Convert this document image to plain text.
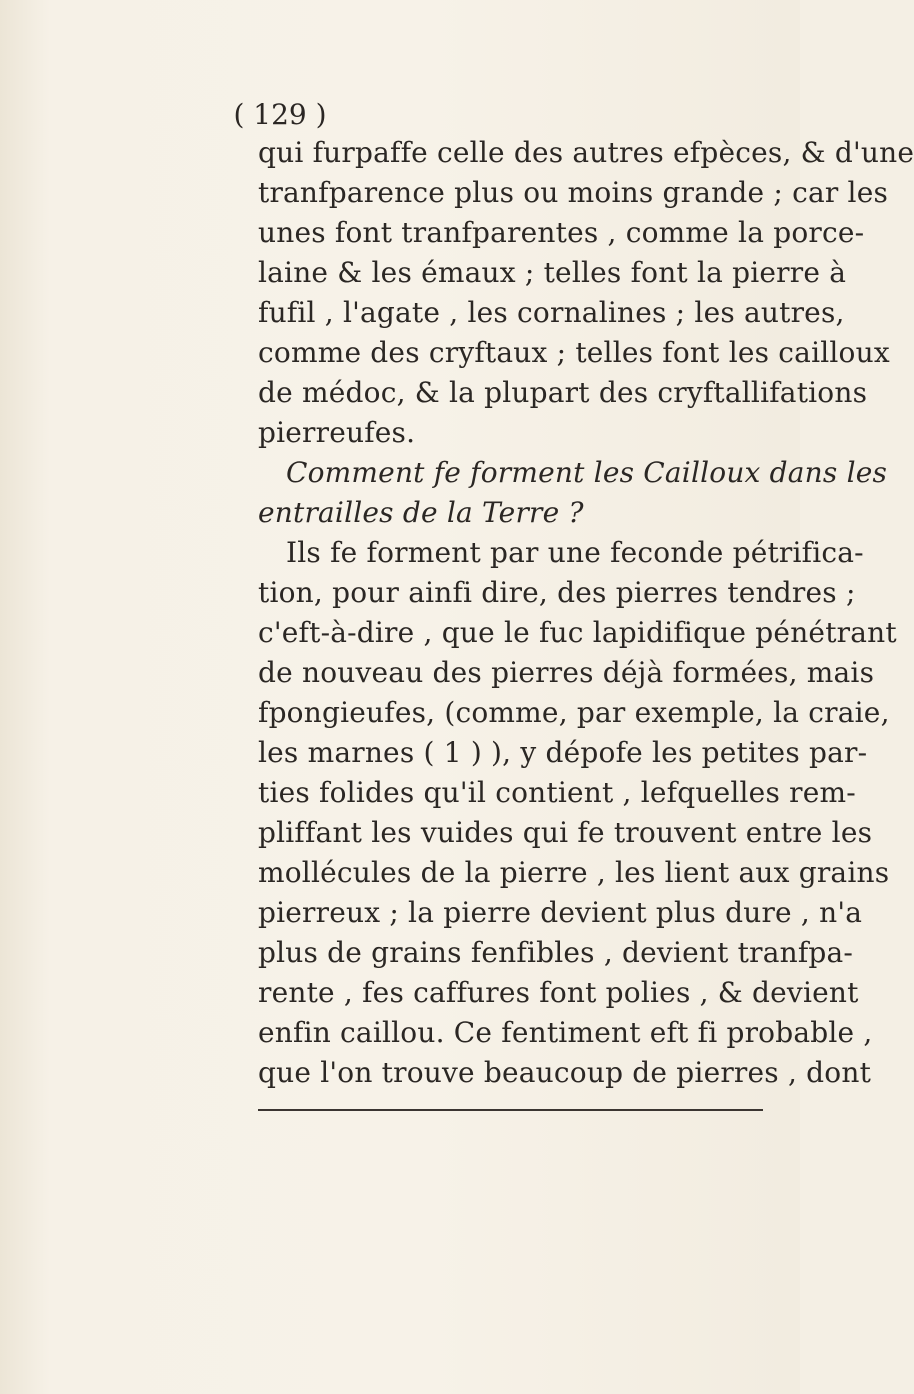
( 129 )
qui furpaffe celle des autres efpèces, & d'une
tranfparence plus ou moins grande ; car les
unes font tranfparentes , comme la porce-
laine & les émaux ; telles font la pierre à
fufil , l'agate , les cornalines ; les autres,
comme des cryftaux ; telles font les cailloux
de médoc, & la plupart des cryftallifations
pierreufes.
Comment fe forment les Cailloux dans les
entrailles de la Terre ?
Ils fe forment par une feconde pétrifica-
tion, pour ainfi dire, des pierres tendres ;
c'eft-à-dire , que le fuc lapidifique pénétrant
de nouveau des pierres déjà formées, mais
fpongieufes, (comme, par exemple, la craie,
les marnes ( 1 ) ), y dépofe les petites par-
ties folides qu'il contient , lefquelles rem-
pliffant les vuides qui fe trouvent entre les
mollécules de la pierre , les lient aux grains
pierreux ; la pierre devient plus dure , n'a
plus de grains fenfibles , devient tranfpa-
rente , fes caffures font polies , & devient
enfin caillou. Ce fentiment eft fi probable ,
que l'on trouve beaucoup de pierres , dont
